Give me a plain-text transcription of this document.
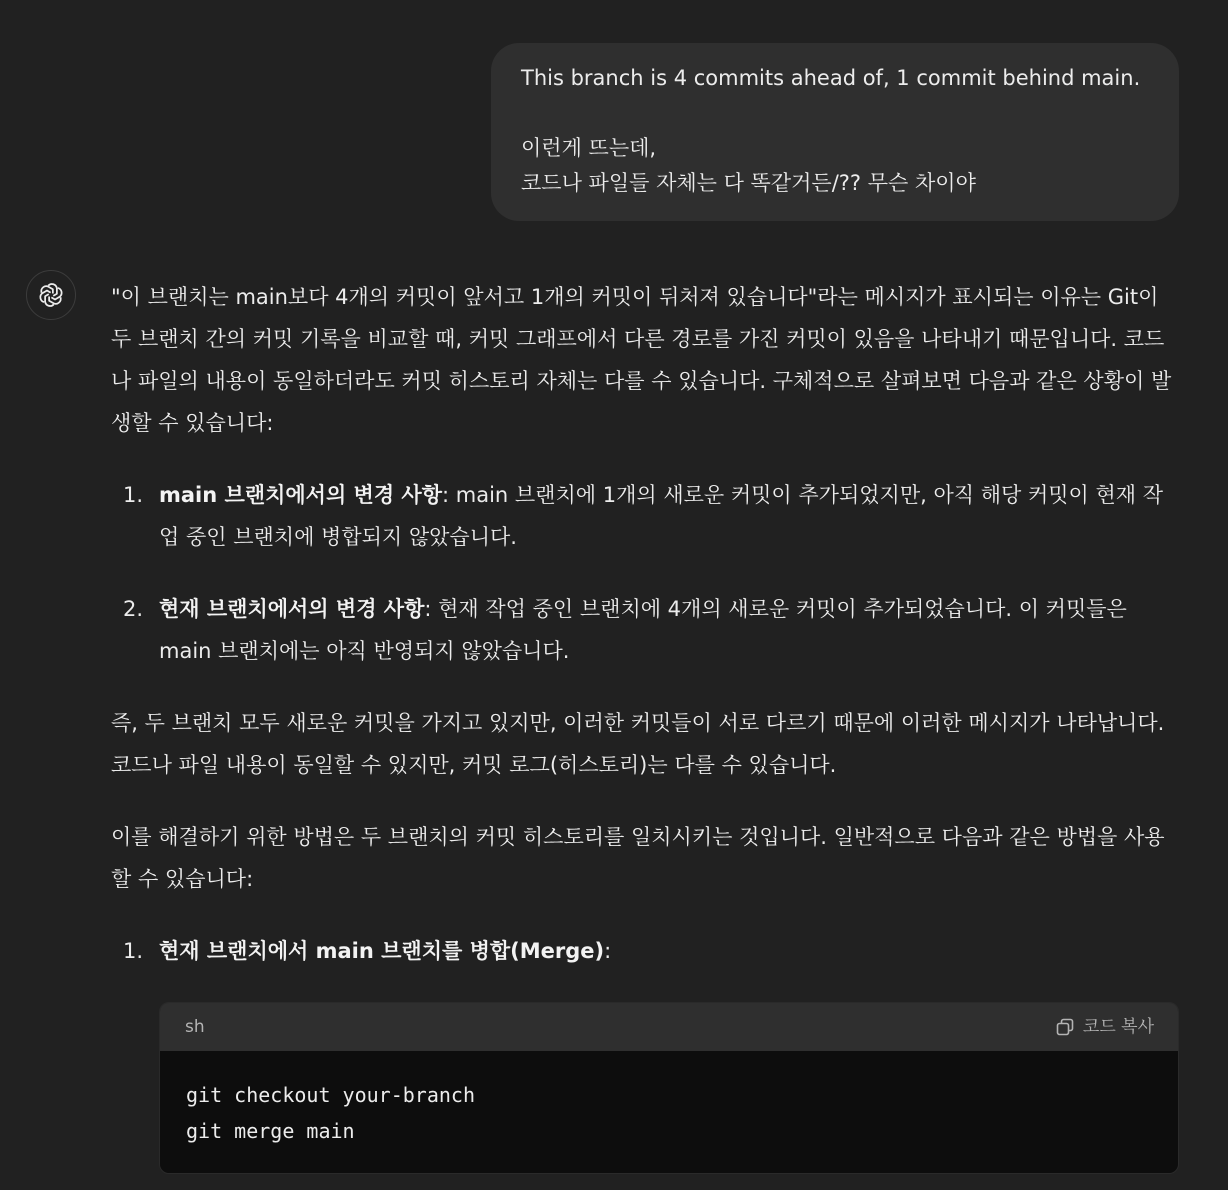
This branch is 4 commits ahead of, 1 commit behind main.
이런게 뜨는데,
코드나 파일들 자체는 다 똑같거든/?? 무슨 차이야

"이 브랜치는 main보다 4개의 커밋이 앞서고 1개의 커밋이 뒤처져 있습니다"라는 메시지가 표시되는 이유는 Git이 두 브랜치 간의 커밋 기록을 비교할 때, 커밋 그래프에서 다른 경로를 가진 커밋이 있음을 나타내기 때문입니다. 코드나 파일의 내용이 동일하더라도 커밋 히스토리 자체는 다를 수 있습니다. 구체적으로 살펴보면 다음과 같은 상황이 발생할 수 있습니다:

1. main 브랜치에서의 변경 사항: main 브랜치에 1개의 새로운 커밋이 추가되었지만, 아직 해당 커밋이 현재 작업 중인 브랜치에 병합되지 않았습니다.
2. 현재 브랜치에서의 변경 사항: 현재 작업 중인 브랜치에 4개의 새로운 커밋이 추가되었습니다. 이 커밋들은 main 브랜치에는 아직 반영되지 않았습니다.

즉, 두 브랜치 모두 새로운 커밋을 가지고 있지만, 이러한 커밋들이 서로 다르기 때문에 이러한 메시지가 나타납니다. 코드나 파일 내용이 동일할 수 있지만, 커밋 로그(히스토리)는 다를 수 있습니다.

이를 해결하기 위한 방법은 두 브랜치의 커밋 히스토리를 일치시키는 것입니다. 일반적으로 다음과 같은 방법을 사용할 수 있습니다:

1. 현재 브랜치에서 main 브랜치를 병합(Merge):
sh	코드 복사
git checkout your-branch
git merge main
